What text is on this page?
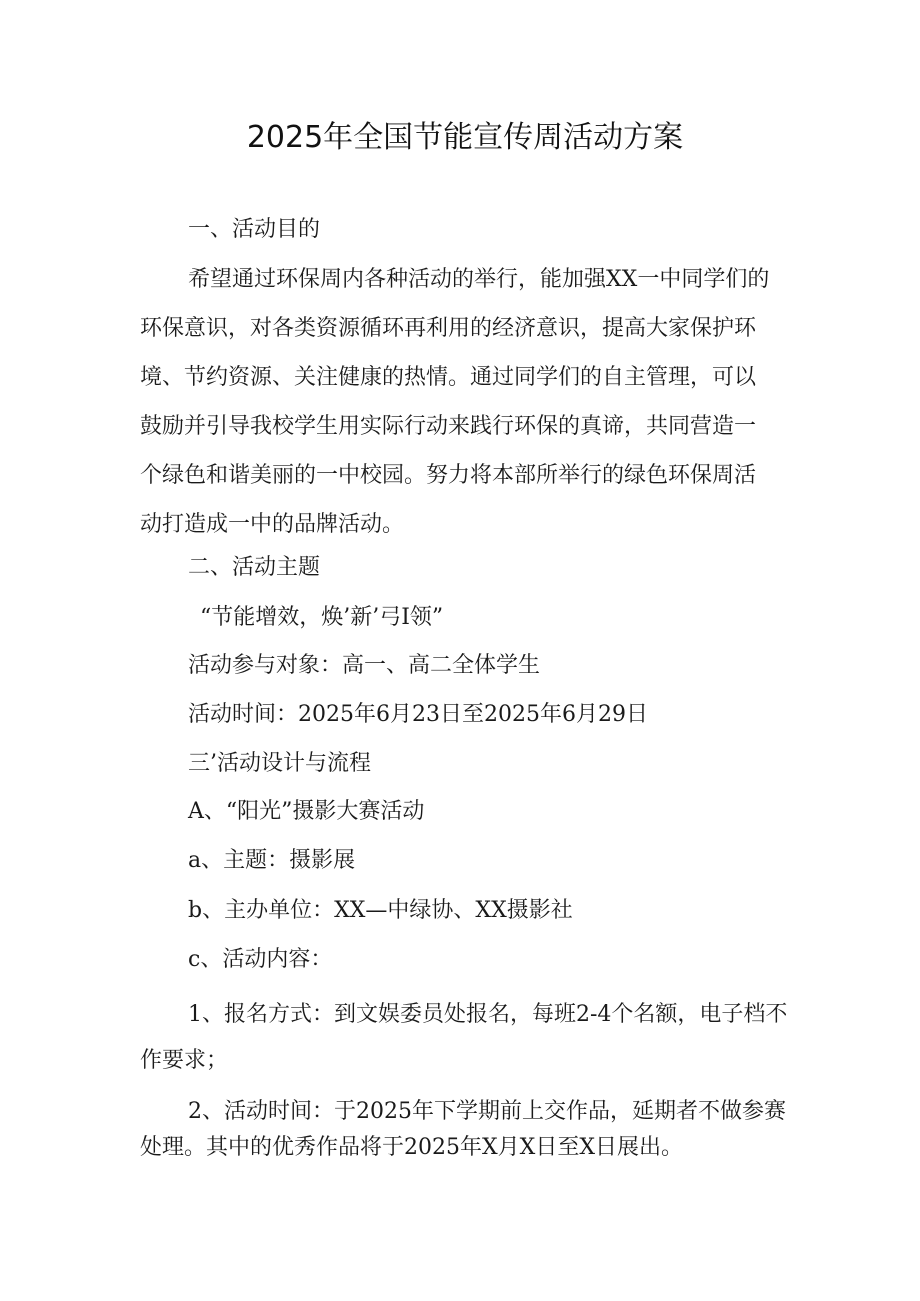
2025年全国节能宣传周活动方案
一、活动目的
希望通过环保周内各种活动的举行，能加强XX一中同学们的
环保意识，对各类资源循环再利用的经济意识，提高大家保护环
境、节约资源、关注健康的热情。通过同学们的自主管理，可以
鼓励并引导我校学生用实际行动来践行环保的真谛，共同营造一
个绿色和谐美丽的一中校园。努力将本部所举行的绿色环保周活
动打造成一中的品牌活动。
二、活动主题
“节能增效，焕’新’弓I领”
活动参与对象：高一、高二全体学生
活动时间：2025年6月23日至2025年6月29日
三’活动设计与流程
A、“阳光”摄影大赛活动
a、主题：摄影展
b、主办单位：XX—中绿协、XX摄影社
c、活动内容：
1、报名方式：到文娱委员处报名，每班2-4个名额，电子档不
作要求；
2、活动时间：于2025年下学期前上交作品，延期者不做参赛
处理。其中的优秀作品将于2025年X月X日至X日展出。
